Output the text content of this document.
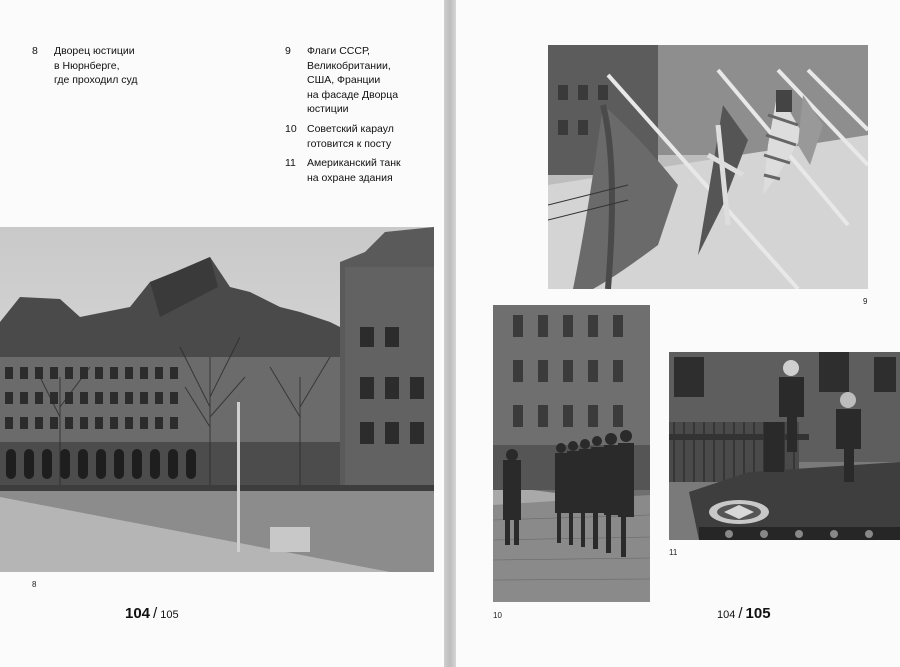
8 Дворец юстиции
в Нюрнберге,
где проходил суд
9 Флаги СССР,
Великобритании,
США, Франции
на фасаде Дворца
юстиции
10 Советский караул
готовится к посту
11 Американский танк
на охране здания
8
104 / 105
9
10
11
104 / 105
